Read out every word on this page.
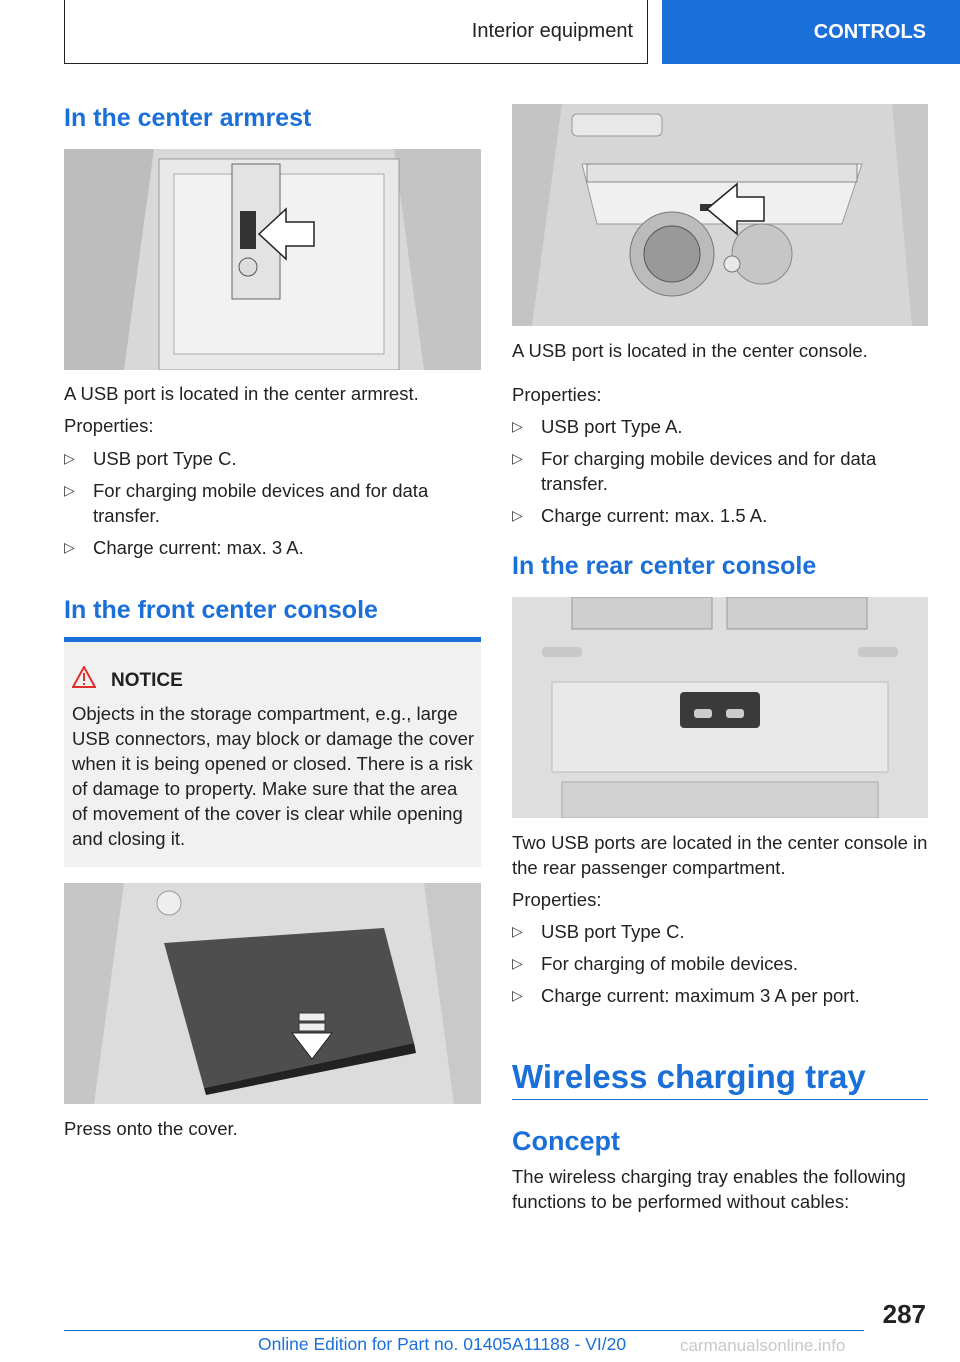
Interior equipment	CONTROLS
In the center armrest

A USB port is located in the center armrest.

Properties:

▷ USB port Type C.
▷ For charging mobile devices and for data transfer.
▷ Charge current: max. 3 A.
In the front center console
NOTICE

Objects in the storage compartment, e.g., large USB connectors, may block or damage the cover when it is being opened or closed. There is a risk of damage to property. Make sure that the area of movement of the cover is clear while opening and closing it.

Press onto the cover.

A USB port is located in the center console.

Properties:

▷ USB port Type A.
▷ For charging mobile devices and for data transfer.
▷ Charge current: max. 1.5 A.
In the rear center console

Two USB ports are located in the center console in the rear passenger compartment.

Properties:

▷ USB port Type C.
▷ For charging of mobile devices.
▷ Charge current: maximum 3 A per port.
Wireless charging tray
Concept

The wireless charging tray enables the following functions to be performed without cables:

287
Online Edition for Part no. 01405A11188 - VI/20	carmanualsonline.info
